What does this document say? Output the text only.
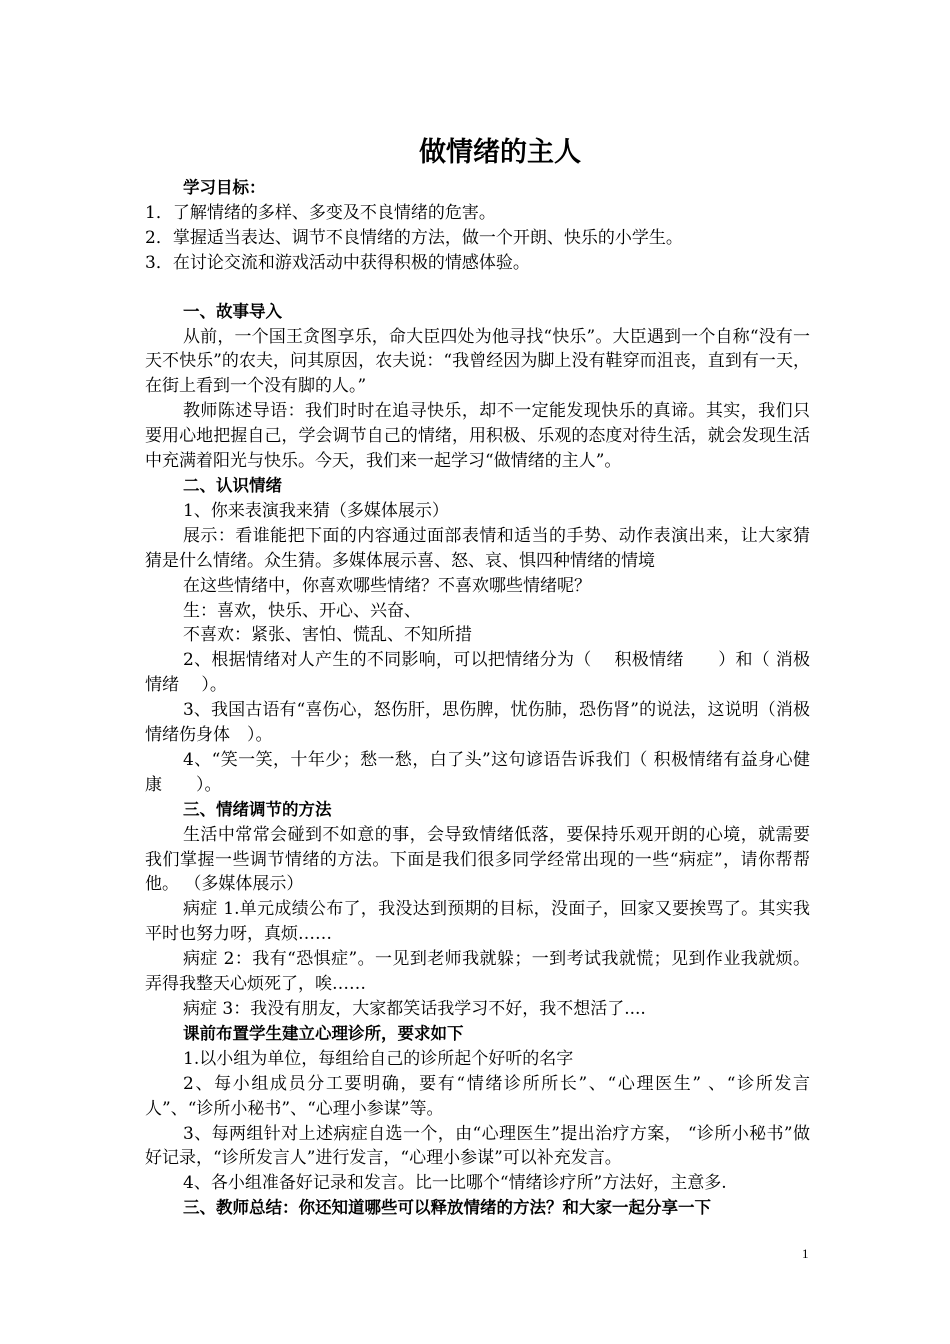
做情绪的主人

学习目标：

1．了解情绪的多样、多变及不良情绪的危害。

2．掌握适当表达、调节不良情绪的方法，做一个开朗、快乐的小学生。

3．在讨论交流和游戏活动中获得积极的情感体验。

一、故事导入

从前，一个国王贪图享乐，命大臣四处为他寻找“快乐”。大臣遇到一个自称“没有一天不快乐”的农夫，问其原因，农夫说：“我曾经因为脚上没有鞋穿而沮丧，直到有一天，在街上看到一个没有脚的人。”

教师陈述导语：我们时时在追寻快乐，却不一定能发现快乐的真谛。其实，我们只要用心地把握自己，学会调节自己的情绪，用积极、乐观的态度对待生活，就会发现生活中充满着阳光与快乐。今天，我们来一起学习“做情绪的主人”。

二、认识情绪

1、你来表演我来猜（多媒体展示）

展示：看谁能把下面的内容通过面部表情和适当的手势、动作表演出来，让大家猜猜是什么情绪。众生猜。多媒体展示喜、怒、哀、惧四种情绪的情境

在这些情绪中，你喜欢哪些情绪？不喜欢哪些情绪呢？

生：喜欢，快乐、开心、兴奋、

不喜欢：紧张、害怕、慌乱、不知所措

2、根据情绪对人产生的不同影响，可以把情绪分为（　 积极情绪　　）和（ 消极情绪　 ）。

3、我国古语有“喜伤心，怒伤肝，思伤脾，忧伤肺，恐伤肾”的说法，这说明（消极情绪伤身体　）。

4、“笑一笑，十年少；愁一愁，白了头”这句谚语告诉我们（ 积极情绪有益身心健康　　）。

三、情绪调节的方法

生活中常常会碰到不如意的事，会导致情绪低落，要保持乐观开朗的心境，就需要我们掌握一些调节情绪的方法。下面是我们很多同学经常出现的一些“病症”，请你帮帮他。 （多媒体展示）

病症 1.单元成绩公布了，我没达到预期的目标，没面子，回家又要挨骂了。其实我平时也努力呀，真烦……

病症 2：我有“恐惧症”。一见到老师我就躲；一到考试我就慌；见到作业我就烦。弄得我整天心烦死了，唉……

病症 3：我没有朋友，大家都笑话我学习不好，我不想活了....

课前布置学生建立心理诊所，要求如下

1.以小组为单位，每组给自己的诊所起个好听的名字

2、每小组成员分工要明确，要有“情绪诊所所长”、“心理医生” 、“诊所发言人”、“诊所小秘书”、“心理小参谋”等。

3、每两组针对上述病症自选一个，由“心理医生”提出治疗方案， “诊所小秘书”做好记录，“诊所发言人”进行发言，“心理小参谋”可以补充发言。

4、各小组准备好记录和发言。比一比哪个“情绪诊疗所”方法好，主意多.

三、教师总结：你还知道哪些可以释放情绪的方法？和大家一起分享一下

1
